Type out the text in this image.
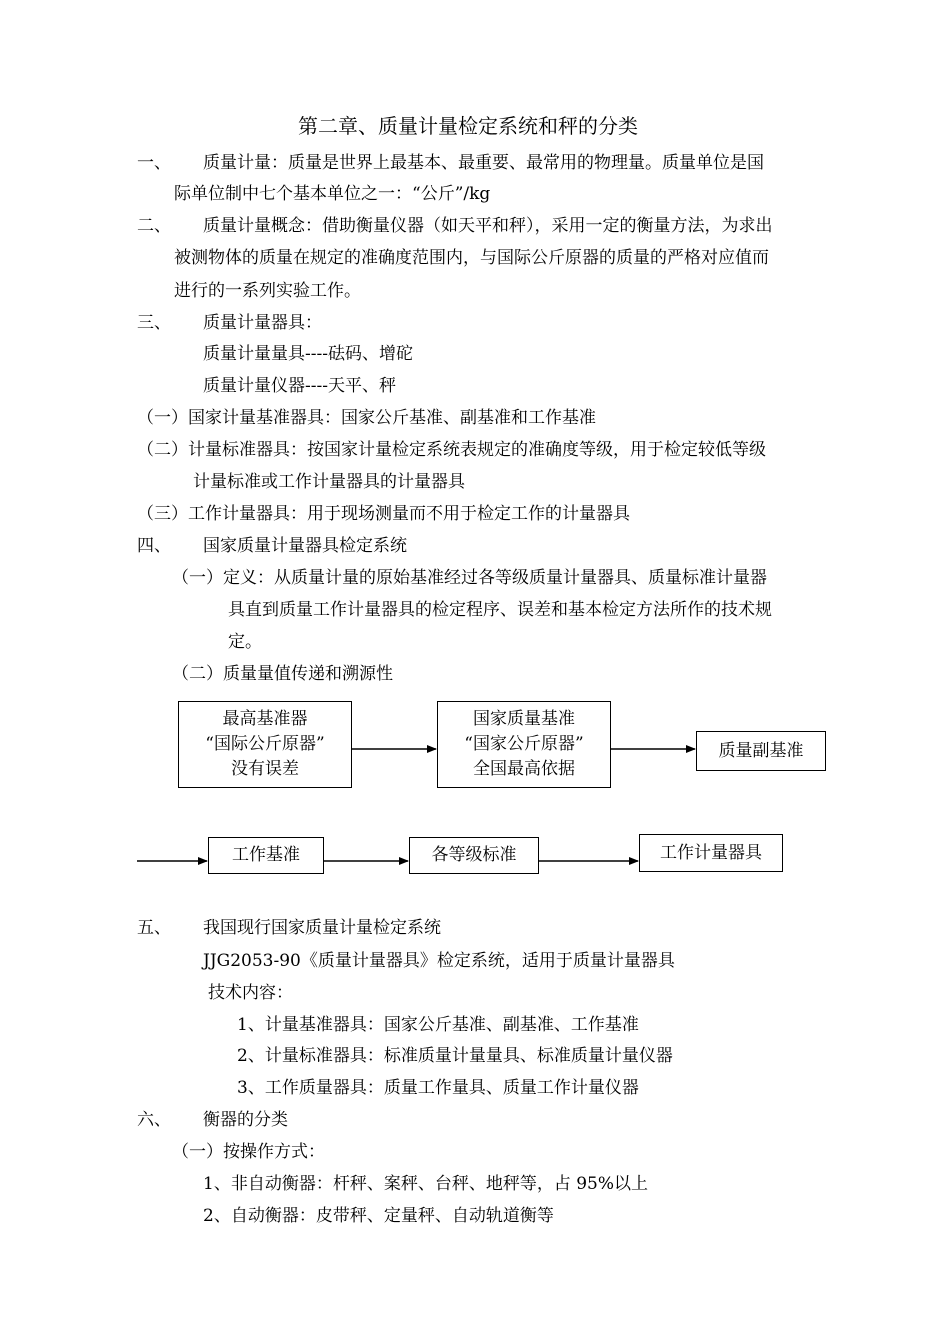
第二章、质量计量检定系统和秤的分类
一、 质量计量：质量是世界上最基本、最重要、最常用的物理量。质量单位是国
际单位制中七个基本单位之一：“公斤”/kg
二、 质量计量概念：借助衡量仪器（如天平和秤），采用一定的衡量方法，为求出
被测物体的质量在规定的准确度范围内，与国际公斤原器的质量的严格对应值而
进行的一系列实验工作。
三、 质量计量器具：
质量计量量具----砝码、增砣
质量计量仪器----天平、秤
（一）国家计量基准器具：国家公斤基准、副基准和工作基准
（二）计量标准器具：按国家计量检定系统表规定的准确度等级，用于检定较低等级
计量标准或工作计量器具的计量器具
（三）工作计量器具：用于现场测量而不用于检定工作的计量器具
四、 国家质量计量器具检定系统
（一）定义：从质量计量的原始基准经过各等级质量计量器具、质量标准计量器
具直到质量工作计量器具的检定程序、误差和基本检定方法所作的技术规
定。
（二）质量量值传递和溯源性
最高基准器
“国际公斤原器”
没有误差
国家质量基准
“国家公斤原器”
全国最高依据
质量副基准
工作基准	各等级标准	工作计量器具
五、 我国现行国家质量计量检定系统
JJG2053-90《质量计量器具》检定系统，适用于质量计量器具
技术内容：
1、计量基准器具：国家公斤基准、副基准、工作基准
2、计量标准器具：标准质量计量量具、标准质量计量仪器
3、工作质量器具：质量工作量具、质量工作计量仪器
六、 衡器的分类
（一）按操作方式：
1、非自动衡器：杆秤、案秤、台秤、地秤等，占 95%以上
2、自动衡器：皮带秤、定量秤、自动轨道衡等
